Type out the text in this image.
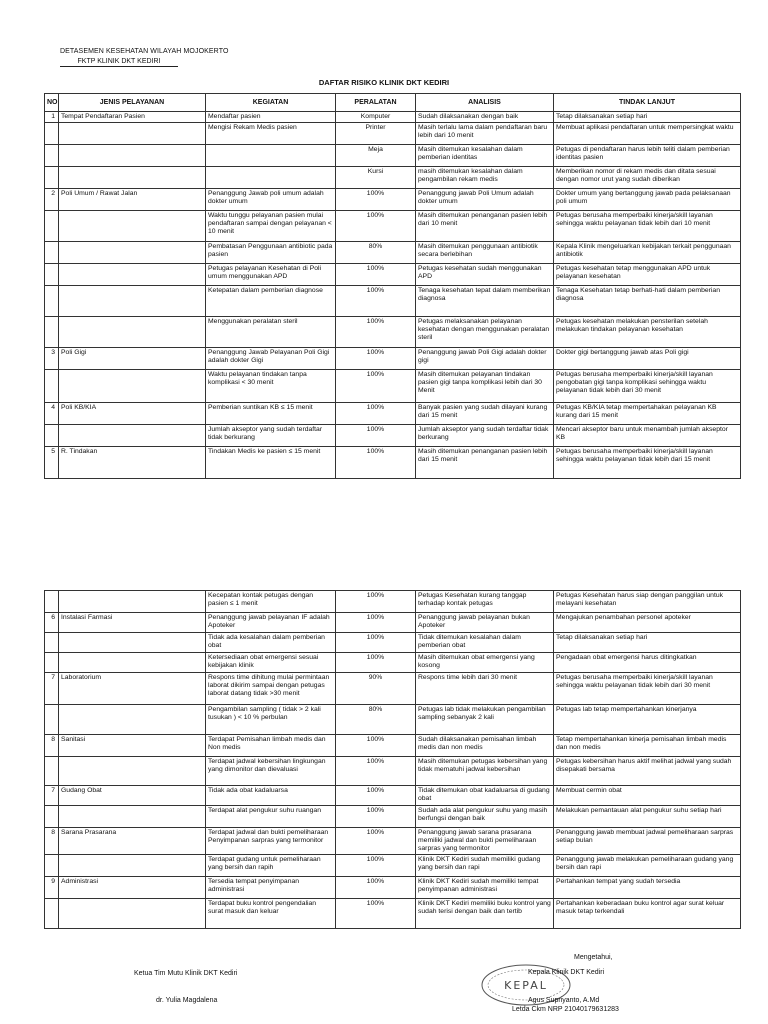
DETASEMEN KESEHATAN WILAYAH MOJOKERTO
FKTP KLINIK DKT KEDIRI
DAFTAR RISIKO KLINIK DKT KEDIRI
NO	JENIS PELAYANAN	KEGIATAN	PERALATAN	ANALISIS	TINDAK LANJUT
1	Tempat Pendaftaran Pasien	Mendaftar pasien	Komputer	Sudah dilaksanakan dengan baik	Tetap dilaksanakan setiap hari
		Mengisi Rekam Medis pasien	Printer	Masih terlalu lama dalam pendaftaran baru lebih dari 10 menit	Membuat aplikasi pendaftaran untuk mempersingkat waktu
			Meja	Masih ditemukan kesalahan dalam pemberian identitas	Petugas di pendaftaran harus lebih teliti dalam pemberian identitas pasien
			Kursi	masih ditemukan kesalahan dalam pengambilan rekam medis	Memberikan nomor di rekam medis dan ditata sesuai dengan nomor urut yang sudah diberikan
2	Poli Umum / Rawat Jalan	Penanggung Jawab poli umum adalah dokter umum	100%	Penanggung jawab Poli Umum adalah dokter umum	Dokter umum yang bertanggung jawab pada pelaksanaan poli umum
		Waktu tunggu pelayanan pasien mulai pendaftaran sampai dengan pelayanan < 10 menit	100%	Masih ditemukan penanganan pasien lebih dari 10 menit	Petugas berusaha memperbaiki kinerja/skill layanan sehingga waktu pelayanan tidak lebih dari 10 menit
		Pembatasan Penggunaan antibiotic pada pasien	80%	Masih ditemukan penggunaan antibiotik secara berlebihan	Kepala Klinik mengeluarkan kebijakan terkait penggunaan antibiotik
		Petugas pelayanan Kesehatan di Poli umum menggunakan APD	100%	Petugas kesehatan sudah menggunakan APD	Petugas kesehatan tetap menggunakan APD untuk pelayanan kesehatan
		Ketepatan dalam pemberian diagnose	100%	Tenaga kesehatan tepat dalam memberikan diagnosa	Tenaga Kesehatan tetap berhati-hati dalam pemberian diagnosa
		Menggunakan peralatan steril	100%	Petugas melaksanakan pelayanan kesehatan dengan menggunakan peralatan steril	Petugas kesehatan melakukan pensterilan setelah melakukan tindakan pelayanan kesehatan
3	Poli Gigi	Penanggung Jawab Pelayanan Poli Gigi adalah dokter Gigi	100%	Penanggung jawab Poli Gigi adalah dokter gigi	Dokter gigi bertanggung jawab atas Poli gigi
		Waktu pelayanan tindakan tanpa komplikasi < 30 menit	100%	Masih ditemukan pelayanan tindakan pasien gigi tanpa komplikasi lebih dari 30 Menit	Petugas berusaha memperbaiki kinerja/skill layanan pengobatan gigi tanpa komplikasi sehingga waktu pelayanan tidak lebih dari 30 menit
4	Poli KB/KIA	Pemberian suntikan KB ≤ 15 menit	100%	Banyak pasien yang sudah dilayani kurang dari 15 menit	Petugas KB/KIA tetap mempertahakan pelayanan KB kurang dari 15 menit
		Jumlah akseptor yang sudah terdaftar tidak berkurang	100%	Jumlah akseptor yang sudah terdaftar tidak berkurang	Mencari akseptor baru untuk menambah jumlah akseptor KB
5	R. Tindakan	Tindakan Medis ke pasien ≤ 15 menit	100%	Masih ditemukan penanganan pasien lebih dari 15 menit	Petugas berusaha memperbaiki kinerja/skill layanan sehingga waktu pelayanan tidak lebih dari 15 menit
		Kecepatan kontak petugas dengan pasien ≤ 1 menit	100%	Petugas Kesehatan kurang tanggap terhadap kontak petugas	Petugas Kesehatan harus siap dengan panggilan untuk melayani kesehatan
6	Instalasi Farmasi	Penanggung jawab pelayanan IF adalah Apoteker	100%	Penanggung jawab pelayanan bukan Apoteker	Mengajukan penambahan personel apoteker
		Tidak ada kesalahan dalam pemberian obat	100%	Tidak ditemukan kesalahan dalam pemberian obat	Tetap dilaksanakan setiap hari
		Ketersediaan obat emergensi sesuai kebijakan klinik	100%	Masih ditemukan obat emergensi yang kosong	Pengadaan obat emergensi harus ditingkatkan
7	Laboratorium	Respons time dihitung mulai permintaan laborat dikirim sampai dengan petugas laborat datang tidak >30 menit	90%	Respons time lebih dari 30 menit	Petugas berusaha memperbaiki kinerja/skill layanan sehingga waktu pelayanan tidak lebih dari 30 menit
		Pengambilan sampling ( tidak > 2 kali tusukan ) < 10 % perbulan	80%	Petugas lab tidak melakukan pengambilan sampling sebanyak 2 kali	Petugas lab tetap mempertahankan kinerjanya
8	Sanitasi	Terdapat Pemisahan limbah medis dan Non medis	100%	Sudah dilaksanakan pemisahan limbah medis dan non medis	Tetap mempertahankan kinerja pemisahan limbah medis dan non medis
		Terdapat jadwal kebersihan lingkungan yang dimonitor dan dievaluasi	100%	Masih ditemukan petugas kebersihan yang tidak mematuhi jadwal kebersihan	Petugas kebersihan harus aktif melihat jadwal yang sudah disepakati bersama
7	Gudang Obat	Tidak ada obat kadaluarsa	100%	Tidak ditemukan obat kadaluarsa di gudang obat	Membuat cermin obat
		Terdapat alat pengukur suhu ruangan	100%	Sudah ada alat pengukur suhu yang masih berfungsi dengan baik	Melakukan pemantauan alat pengukur suhu setiap hari
8	Sarana Prasarana	Terdapat jadwal dan bukti pemeliharaan Penyimpanan sarpras yang termonitor	100%	Penanggung jawab sarana prasarana memiliki jadwal dan bukti pemeliharaan sarpras yang termonitor	Penanggung jawab membuat jadwal pemeliharaan sarpras setiap bulan
		Terdapat gudang untuk pemeliharaan yang bersih dan rapih	100%	Klinik DKT Kediri sudah memiliki gudang yang bersih dan rapi	Penanggung jawab melakukan pemeliharaan gudang yang bersih dan rapi
9	Administrasi	Tersedia tempat penyimpanan administrasi	100%	Klinik DKT Kediri sudah memiliki tempat penyimpanan administrasi	Pertahankan tempat yang sudah tersedia
		Terdapat buku kontrol pengendalian surat masuk dan keluar	100%	Klinik DKT Kediri memiliki buku kontrol yang sudah terisi dengan baik dan tertib	Pertahankan keberadaan buku kontrol agar surat keluar masuk tetap terkendali
Ketua Tim Mutu Klinik DKT Kediri
dr. Yulia Magdalena
KEPAL
Mengetahui,
Kepala Klinik DKT Kediri
Agus Supriyanto, A.Md
Letda Ckm NRP 21040179631283
